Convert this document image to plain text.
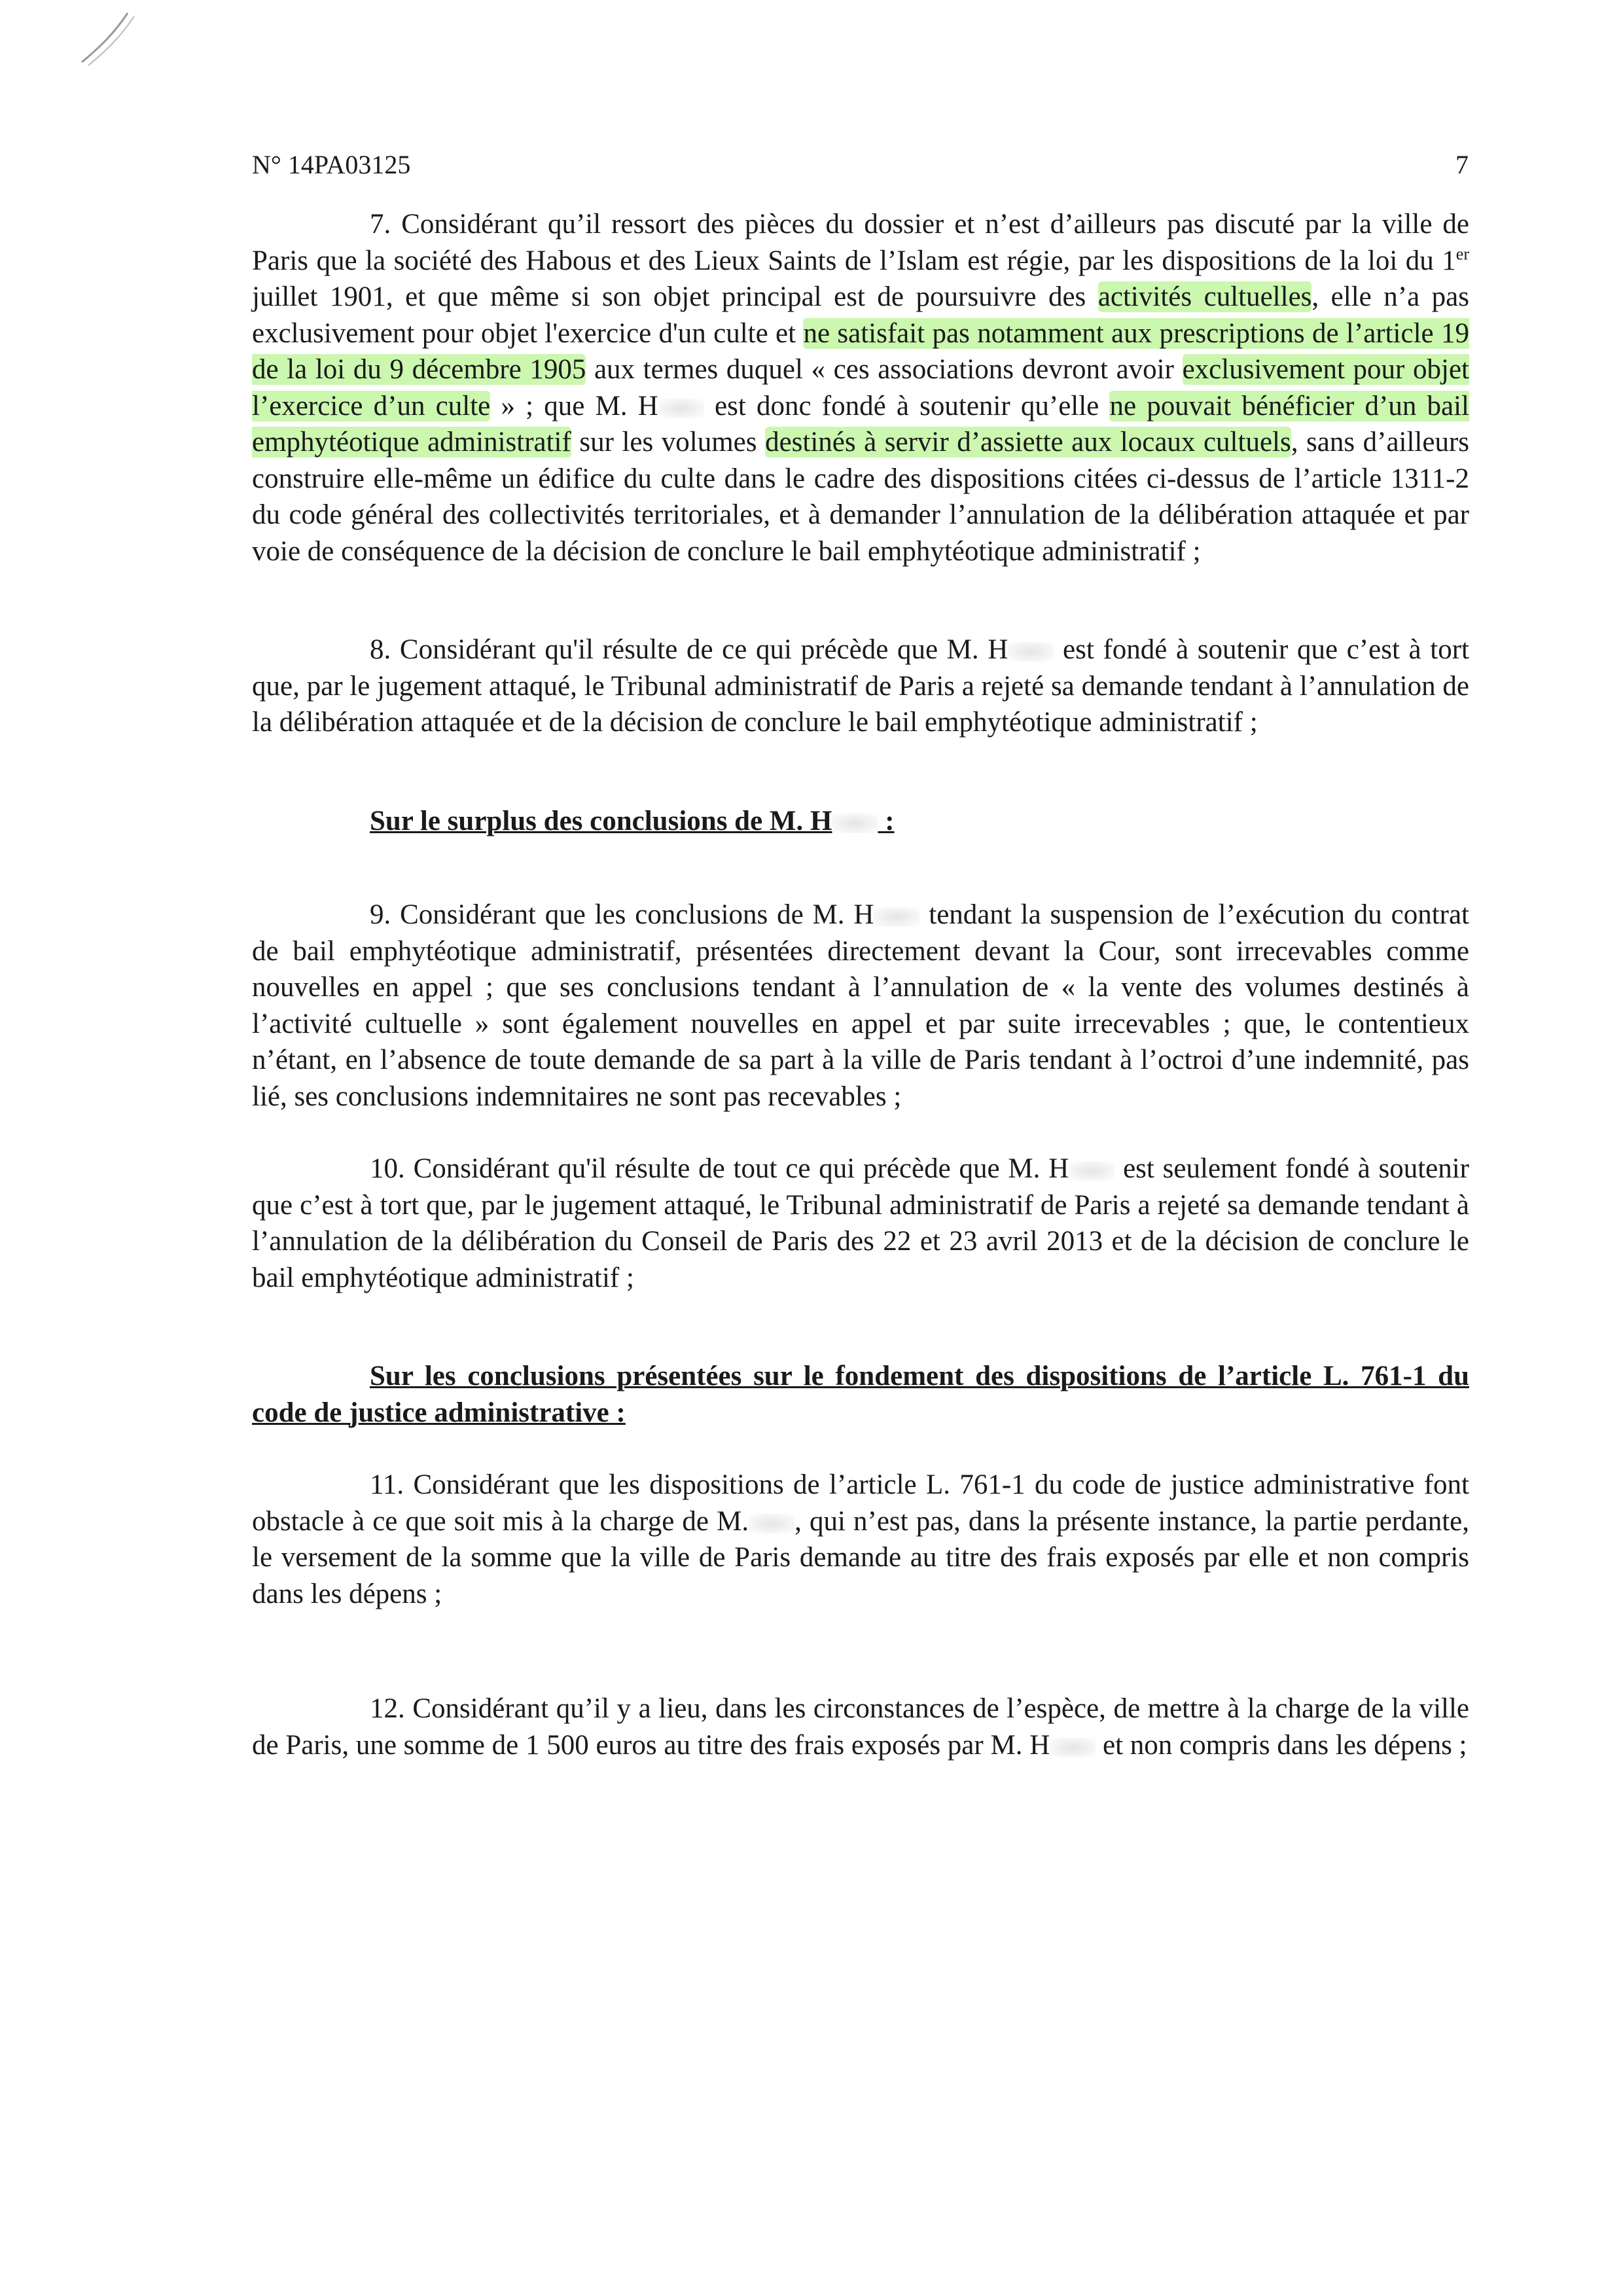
N° 14PA03125	7

7. Considérant qu’il ressort des pièces du dossier et n’est d’ailleurs pas discuté par la ville de Paris que la société des Habous et des Lieux Saints de l’Islam est régie, par les dispositions de la loi du 1er juillet 1901, et que même si son objet principal est de poursuivre des activités cultuelles, elle n’a pas exclusivement pour objet l'exercice d'un culte et ne satisfait pas notamment aux prescriptions de l’article 19 de la loi du 9 décembre 1905 aux termes duquel « ces associations devront avoir exclusivement pour objet l’exercice d’un culte » ; que M. H est donc fondé à soutenir qu’elle ne pouvait bénéficier d’un bail emphytéotique administratif sur les volumes destinés à servir d’assiette aux locaux cultuels, sans d’ailleurs construire elle-même un édifice du culte dans le cadre des dispositions citées ci-dessus de l’article 1311-2 du code général des collectivités territoriales, et à demander l’annulation de la délibération attaquée et par voie de conséquence de la décision de conclure le bail emphytéotique administratif ;

8. Considérant qu'il résulte de ce qui précède que M. H est fondé à soutenir que c’est à tort que, par le jugement attaqué, le Tribunal administratif de Paris a rejeté sa demande tendant à l’annulation de la délibération attaquée et de la décision de conclure le bail emphytéotique administratif ;

Sur le surplus des conclusions de M. H :

9. Considérant que les conclusions de M. H tendant la suspension de l’exécution du contrat de bail emphytéotique administratif, présentées directement devant la Cour, sont irrecevables comme nouvelles en appel ; que ses conclusions tendant à l’annulation de « la vente des volumes destinés à l’activité cultuelle » sont également nouvelles en appel et par suite irrecevables ; que, le contentieux n’étant, en l’absence de toute demande de sa part à la ville de Paris tendant à l’octroi d’une indemnité, pas lié, ses conclusions indemnitaires ne sont pas recevables ;

10. Considérant qu'il résulte de tout ce qui précède que M. H est seulement fondé à soutenir que c’est à tort que, par le jugement attaqué, le Tribunal administratif de Paris a rejeté sa demande tendant à l’annulation de la délibération du Conseil de Paris des 22 et 23 avril 2013 et de la décision de conclure le bail emphytéotique administratif ;

Sur les conclusions présentées sur le fondement des dispositions de l’article L. 761-1 du code de justice administrative :

11. Considérant que les dispositions de l’article L. 761-1 du code de justice administrative font obstacle à ce que soit mis à la charge de M. , qui n’est pas, dans la présente instance, la partie perdante, le versement de la somme que la ville de Paris demande au titre des frais exposés par elle et non compris dans les dépens ;

12. Considérant qu’il y a lieu, dans les circonstances de l’espèce, de mettre à la charge de la ville de Paris, une somme de 1 500 euros au titre des frais exposés par M. H et non compris dans les dépens ;
